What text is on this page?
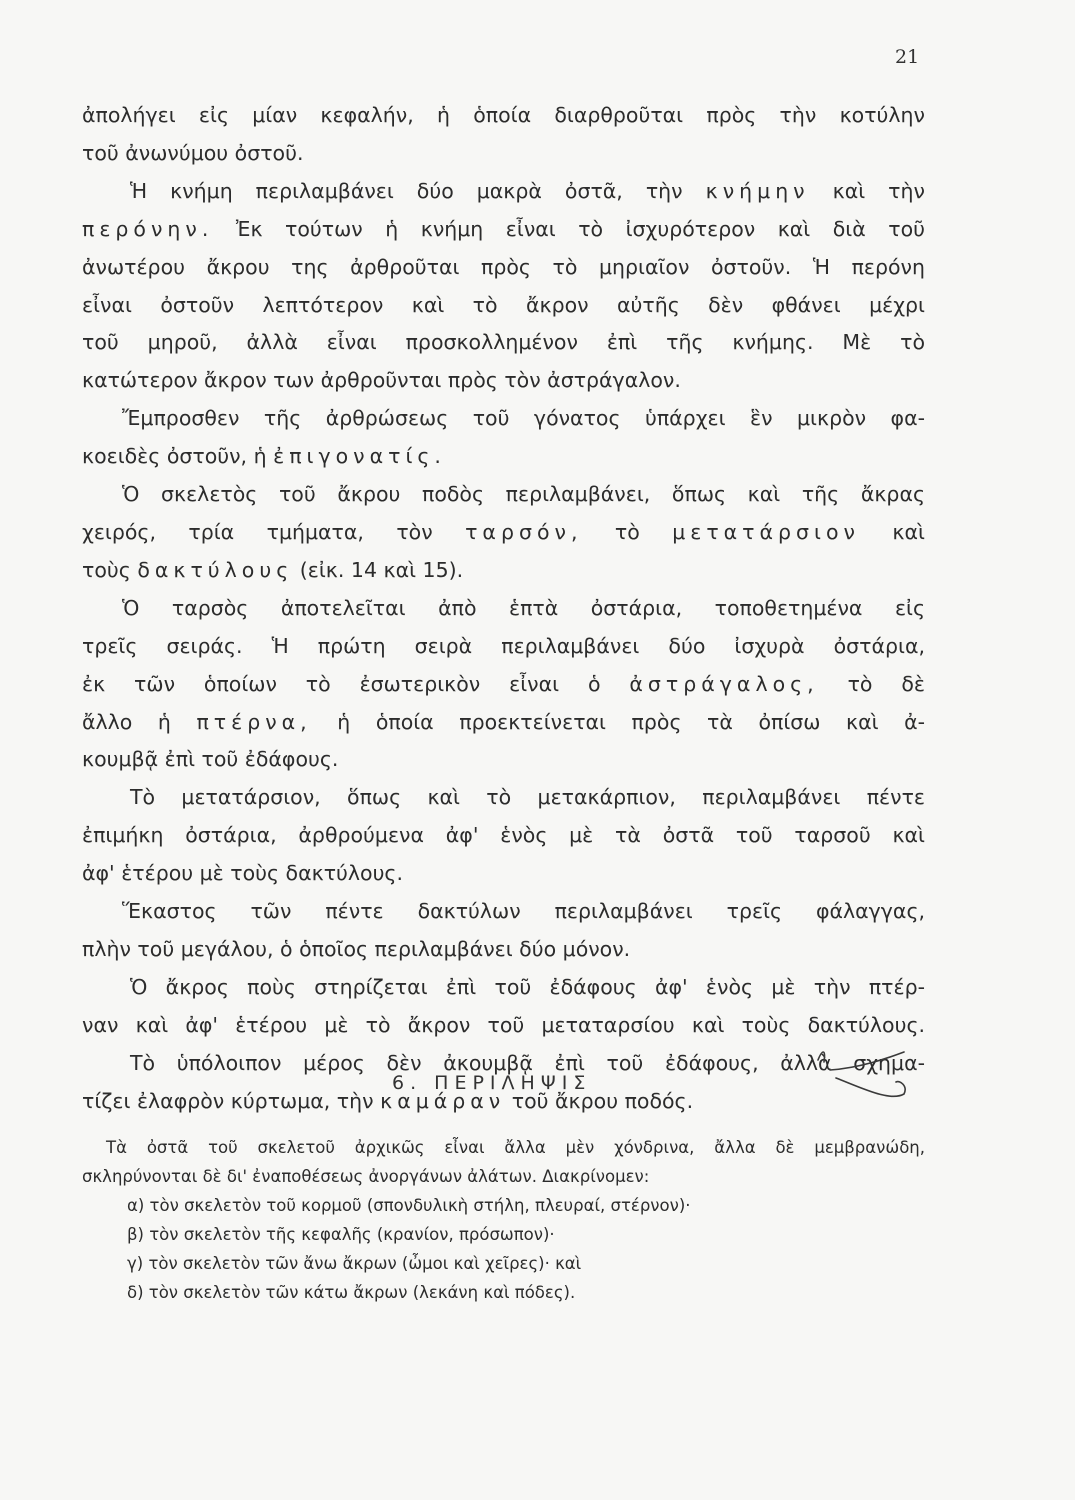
21
ἀπολήγει εἰς μίαν κεφαλήν, ἡ ὁποία διαρθροῦται πρὸς τὴν κοτύλην
τοῦ ἀνωνύμου ὀστοῦ.
Ἡ κνήμη περιλαμβάνει δύο μακρὰ ὀστᾶ, τὴν κνήμην καὶ τὴν
περόνην. Ἐκ τούτων ἡ κνήμη εἶναι τὸ ἰσχυρότερον καὶ διὰ τοῦ
ἀνωτέρου ἄκρου της ἀρθροῦται πρὸς τὸ μηριαῖον ὀστοῦν. Ἡ περόνη
εἶναι ὀστοῦν λεπτότερον καὶ τὸ ἄκρον αὐτῆς δὲν φθάνει μέχρι
τοῦ μηροῦ, ἀλλὰ εἶναι προσκολλημένον ἐπὶ τῆς κνήμης. Μὲ τὸ
κατώτερον ἄκρον των ἀρθροῦνται πρὸς τὸν ἀστράγαλον.
Ἔμπροσθεν τῆς ἀρθρώσεως τοῦ γόνατος ὑπάρχει ἓν μικρὸν φα-
κοειδὲς ὀστοῦν, ἡ ἐπιγονατίς.
Ὁ σκελετὸς τοῦ ἄκρου ποδὸς περιλαμβάνει, ὅπως καὶ τῆς ἄκρας
χειρός, τρία τμήματα, τὸν ταρσόν, τὸ μετατάρσιον καὶ
τοὺς δακτύλους (εἰκ. 14 καὶ 15).
Ὁ ταρσὸς ἀποτελεῖται ἀπὸ ἑπτὰ ὀστάρια, τοποθετημένα εἰς
τρεῖς σειράς. Ἡ πρώτη σειρὰ περιλαμβάνει δύο ἰσχυρὰ ὀστάρια,
ἐκ τῶν ὁποίων τὸ ἐσωτερικὸν εἶναι ὁ ἀστράγαλος, τὸ δὲ
ἄλλο ἡ πτέρνα, ἡ ὁποία προεκτείνεται πρὸς τὰ ὀπίσω καὶ ἀ-
κουμβᾷ ἐπὶ τοῦ ἐδάφους.
Τὸ μετατάρσιον, ὅπως καὶ τὸ μετακάρπιον, περιλαμβάνει πέντε
ἐπιμήκη ὀστάρια, ἀρθρούμενα ἀφ' ἑνὸς μὲ τὰ ὀστᾶ τοῦ ταρσοῦ καὶ
ἀφ' ἑτέρου μὲ τοὺς δακτύλους.
Ἕκαστος τῶν πέντε δακτύλων περιλαμβάνει τρεῖς φάλαγγας,
πλὴν τοῦ μεγάλου, ὁ ὁποῖος περιλαμβάνει δύο μόνον.
Ὁ ἄκρος ποὺς στηρίζεται ἐπὶ τοῦ ἐδάφους ἀφ' ἑνὸς μὲ τὴν πτέρ-
ναν καὶ ἀφ' ἑτέρου μὲ τὸ ἄκρον τοῦ μεταταρσίου καὶ τοὺς δακτύλους.
Τὸ ὑπόλοιπον μέρος δὲν ἀκουμβᾷ ἐπὶ τοῦ ἐδάφους, ἀλλὰ σχημα-
τίζει ἐλαφρὸν κύρτωμα, τὴν καμάραν τοῦ ἄκρου ποδός.
6. ΠΕΡΙΛΗΨΙΣ
Τὰ ὀστᾶ τοῦ σκελετοῦ ἀρχικῶς εἶναι ἄλλα μὲν χόνδρινα, ἄλλα δὲ μεμβρανώδη,
σκληρύνονται δὲ δι' ἐναποθέσεως ἀνοργάνων ἀλάτων. Διακρίνομεν:
α) τὸν σκελετὸν τοῦ κορμοῦ (σπονδυλικὴ στήλη, πλευραί, στέρνον)·
β) τὸν σκελετὸν τῆς κεφαλῆς (κρανίον, πρόσωπον)·
γ) τὸν σκελετὸν τῶν ἄνω ἄκρων (ὦμοι καὶ χεῖρες)· καὶ
δ) τὸν σκελετὸν τῶν κάτω ἄκρων (λεκάνη καὶ πόδες).
